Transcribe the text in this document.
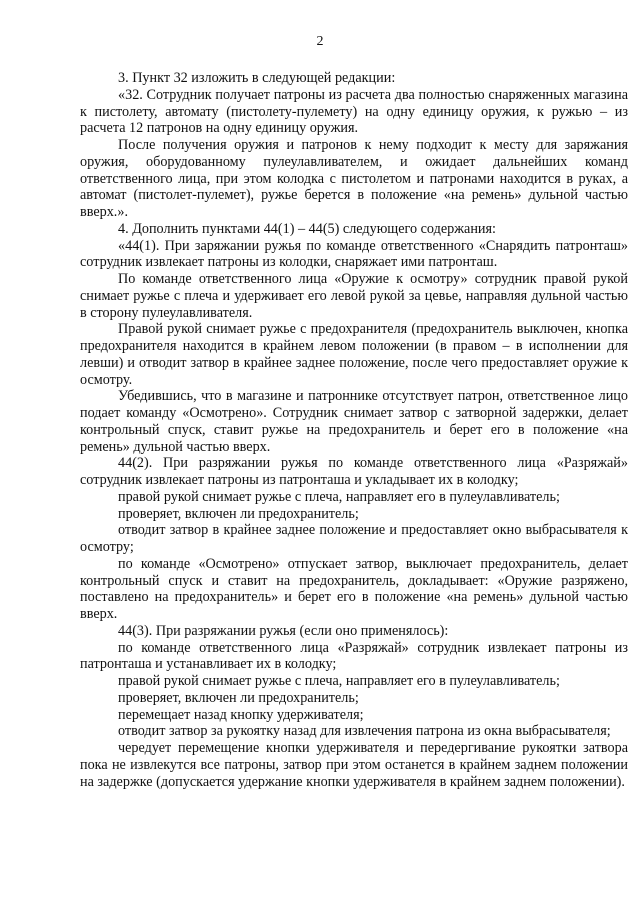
2

3. Пункт 32 изложить в следующей редакции:

«32. Сотрудник получает патроны из расчета два полностью снаряженных магазина к пистолету, автомату (пистолету-пулемету) на одну единицу оружия, к ружью – из расчета 12 патронов на одну единицу оружия.

После получения оружия и патронов к нему подходит к месту для заряжания оружия, оборудованному пулеулавливателем, и ожидает дальнейших команд ответственного лица, при этом колодка с пистолетом и патронами находится в руках, а автомат (пистолет-пулемет), ружье берется в положение «на ремень» дульной частью вверх.».

4. Дополнить пунктами 44(1) – 44(5) следующего содержания:

«44(1). При заряжании ружья по команде ответственного «Снарядить патронташ» сотрудник извлекает патроны из колодки, снаряжает ими патронташ.

По команде ответственного лица «Оружие к осмотру» сотрудник правой рукой снимает ружье с плеча и удерживает его левой рукой за цевье, направляя дульной частью в сторону пулеулавливателя.

Правой рукой снимает ружье с предохранителя (предохранитель выключен, кнопка предохранителя находится в крайнем левом положении (в правом – в исполнении для левши) и отводит затвор в крайнее заднее положение, после чего предоставляет оружие к осмотру.

Убедившись, что в магазине и патроннике отсутствует патрон, ответственное лицо подает команду «Осмотрено». Сотрудник снимает затвор с затворной задержки, делает контрольный спуск, ставит ружье на предохранитель и берет его в положение «на ремень» дульной частью вверх.

44(2). При разряжании ружья по команде ответственного лица «Разряжай» сотрудник извлекает патроны из патронташа и укладывает их в колодку;

правой рукой снимает ружье с плеча, направляет его в пулеулавливатель;

проверяет, включен ли предохранитель;

отводит затвор в крайнее заднее положение и предоставляет окно выбрасывателя к осмотру;

по команде «Осмотрено» отпускает затвор, выключает предохранитель, делает контрольный спуск и ставит на предохранитель, докладывает: «Оружие разряжено, поставлено на предохранитель» и берет его в положение «на ремень» дульной частью вверх.

44(3). При разряжании ружья (если оно применялось):

по команде ответственного лица «Разряжай» сотрудник извлекает патроны из патронташа и устанавливает их в колодку;

правой рукой снимает ружье с плеча, направляет его в пулеулавливатель;

проверяет, включен ли предохранитель;

перемещает назад кнопку удерживателя;

отводит затвор за рукоятку назад для извлечения патрона из окна выбрасывателя;

чередует перемещение кнопки удерживателя и передергивание рукоятки затвора пока не извлекутся все патроны, затвор при этом останется в крайнем заднем положении на задержке (допускается удержание кнопки удерживателя в крайнем заднем положении).
